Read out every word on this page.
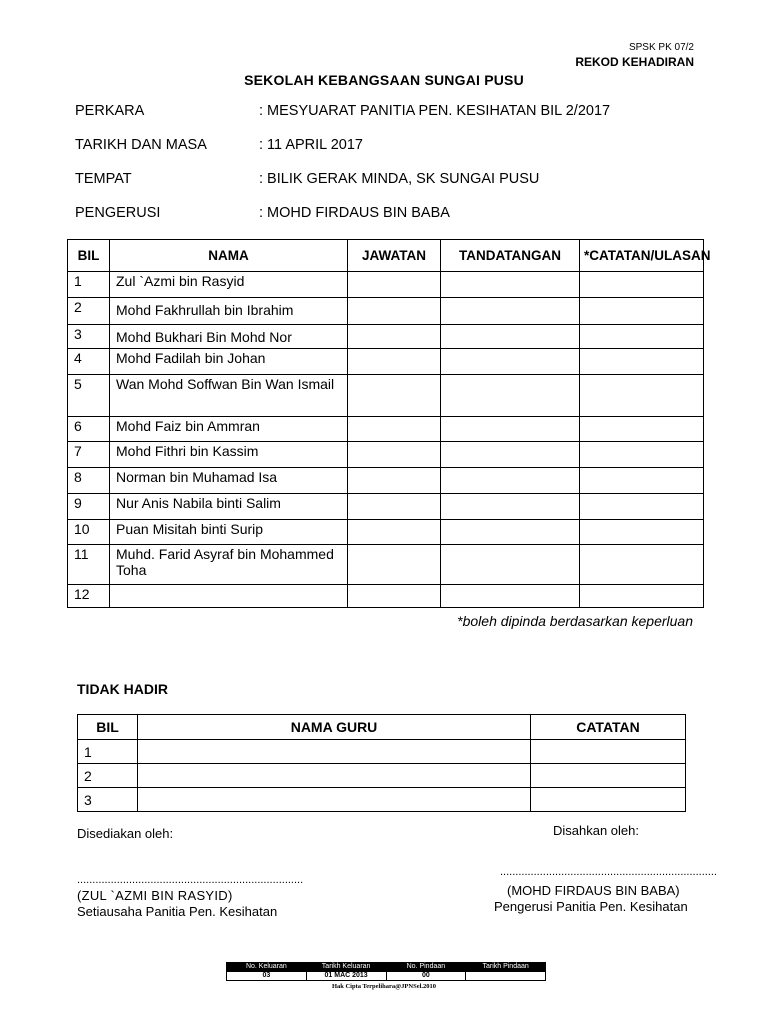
SPSK PK 07/2
REKOD KEHADIRAN
SEKOLAH KEBANGSAAN SUNGAI PUSU
PERKARA	: MESYUARAT PANITIA PEN. KESIHATAN BIL 2/2017
TARIKH DAN MASA	: 11 APRIL 2017
TEMPAT	: BILIK GERAK MINDA, SK SUNGAI PUSU
PENGERUSI	: MOHD FIRDAUS BIN BABA
BIL	NAMA	JAWATAN	TANDATANGAN	*CATATAN/ULASAN
1	Zul `Azmi bin Rasyid			
2	Mohd Fakhrullah bin Ibrahim			
3	Mohd Bukhari Bin Mohd Nor			
4	Mohd Fadilah bin Johan			
5	Wan Mohd Soffwan Bin Wan Ismail			
6	Mohd Faiz bin Ammran			
7	Mohd Fithri bin Kassim			
8	Norman bin Muhamad Isa			
9	Nur Anis Nabila binti Salim			
10	Puan Misitah binti Surip			
11	Muhd. Farid Asyraf bin Mohammed Toha			
12				
*boleh dipinda berdasarkan keperluan
TIDAK HADIR
BIL	NAMA GURU	CATATAN
1		
2		
3		
Disediakan oleh:	Disahkan oleh:
..........................................................................
.......................................................................
(ZUL `AZMI BIN RASYID)
Setiausaha Panitia Pen. Kesihatan
(MOHD FIRDAUS BIN BABA)
Pengerusi Panitia Pen. Kesihatan
No. Keluaran	Tarikh Keluaran	No. Pindaan	Tarikh Pindaan
03	01 MAC 2013	00	
Hak Cipta Terpelihara@JPNSel.2010
